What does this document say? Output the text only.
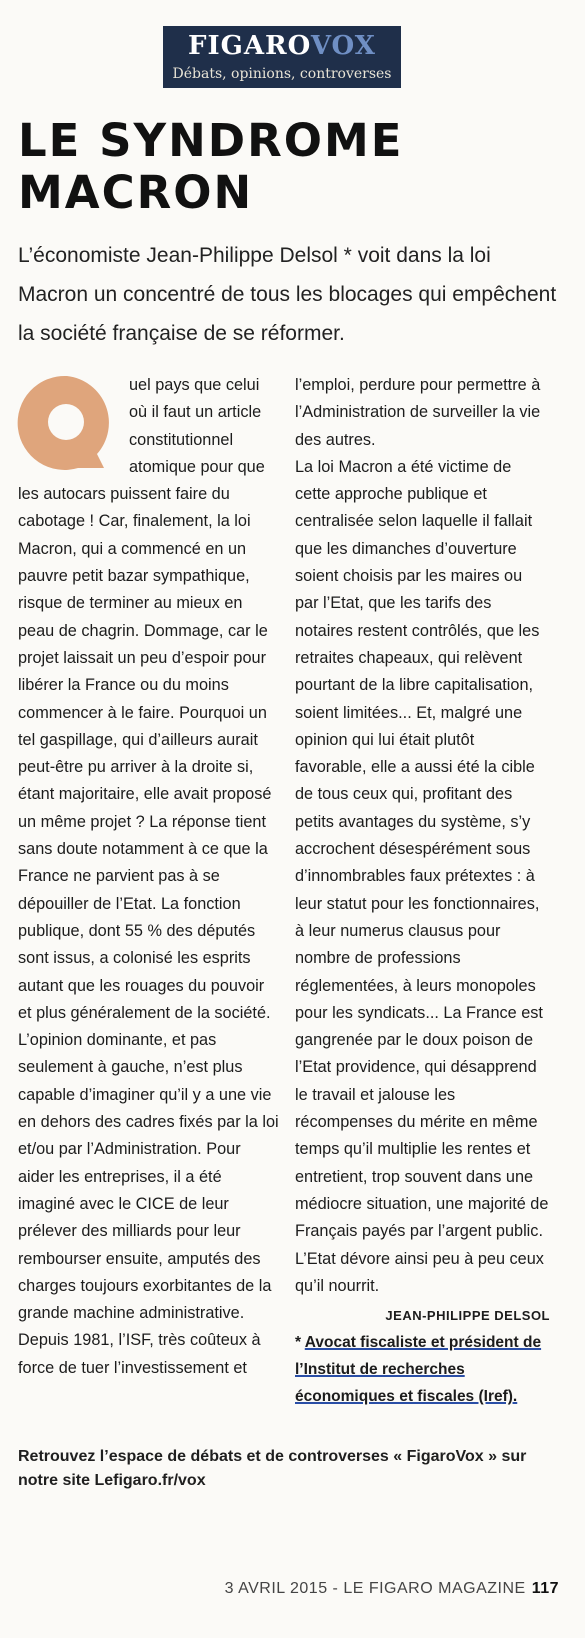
FIGAROVOX
Débats, opinions, controverses
LE SYNDROME
MACRON

L’économiste Jean-Philippe Delsol * voit dans la loi Macron un concentré de tous les blocages qui empêchent la société française de se réformer.

uel pays que celui où il faut un article constitutionnel atomique pour que les autocars puissent faire du cabotage ! Car, finalement, la loi Macron, qui a commencé en un pauvre petit bazar sympathique, risque de terminer au mieux en peau de chagrin. Dommage, car le projet laissait un peu d’espoir pour libérer la France ou du moins commencer à le faire. Pourquoi un tel gaspillage, qui d’ailleurs aurait peut-être pu arriver à la droite si, étant majoritaire, elle avait proposé un même projet ? La réponse tient sans doute notamment à ce que la France ne parvient pas à se dépouiller de l’Etat. La fonction publique, dont 55 % des députés sont issus, a colonisé les esprits autant que les rouages du pouvoir et plus généralement de la société. L’opinion dominante, et pas seulement à gauche, n’est plus capable d’imaginer qu’il y a une vie en dehors des cadres fixés par la loi et/ou par l’Administration. Pour aider les entreprises, il a été imaginé avec le CICE de leur prélever des milliards pour leur rembourser ensuite, amputés des charges toujours exorbitantes de la grande machine administrative. Depuis 1981, l’ISF, très coûteux à force de tuer l’investissement et

l’emploi, perdure pour permettre à l’Administration de surveiller la vie des autres.

La loi Macron a été victime de cette approche publique et centralisée selon laquelle il fallait que les dimanches d’ouverture soient choisis par les maires ou par l’Etat, que les tarifs des notaires restent contrôlés, que les retraites chapeaux, qui relèvent pourtant de la libre capitalisation, soient limitées... Et, malgré une opinion qui lui était plutôt favorable, elle a aussi été la cible de tous ceux qui, profitant des petits avantages du système, s’y accrochent désespérément sous d’innombrables faux prétextes : à leur statut pour les fonctionnaires, à leur numerus clausus pour nombre de professions réglementées, à leurs monopoles pour les syndicats... La France est gangrenée par le doux poison de l’Etat providence, qui désapprend le travail et jalouse les récompenses du mérite en même temps qu’il multiplie les rentes et entretient, trop souvent dans une médiocre situation, une majorité de Français payés par l’argent public. L’Etat dévore ainsi peu à peu ceux qu’il nourrit.

JEAN-PHILIPPE DELSOL
* Avocat fiscaliste et président de l’Institut de recherches économiques et fiscales (Iref).

Retrouvez l’espace de débats et de controverses « FigaroVox » sur notre site Lefigaro.fr/vox

3 AVRIL 2015 - LE FIGARO MAGAZINE 117
